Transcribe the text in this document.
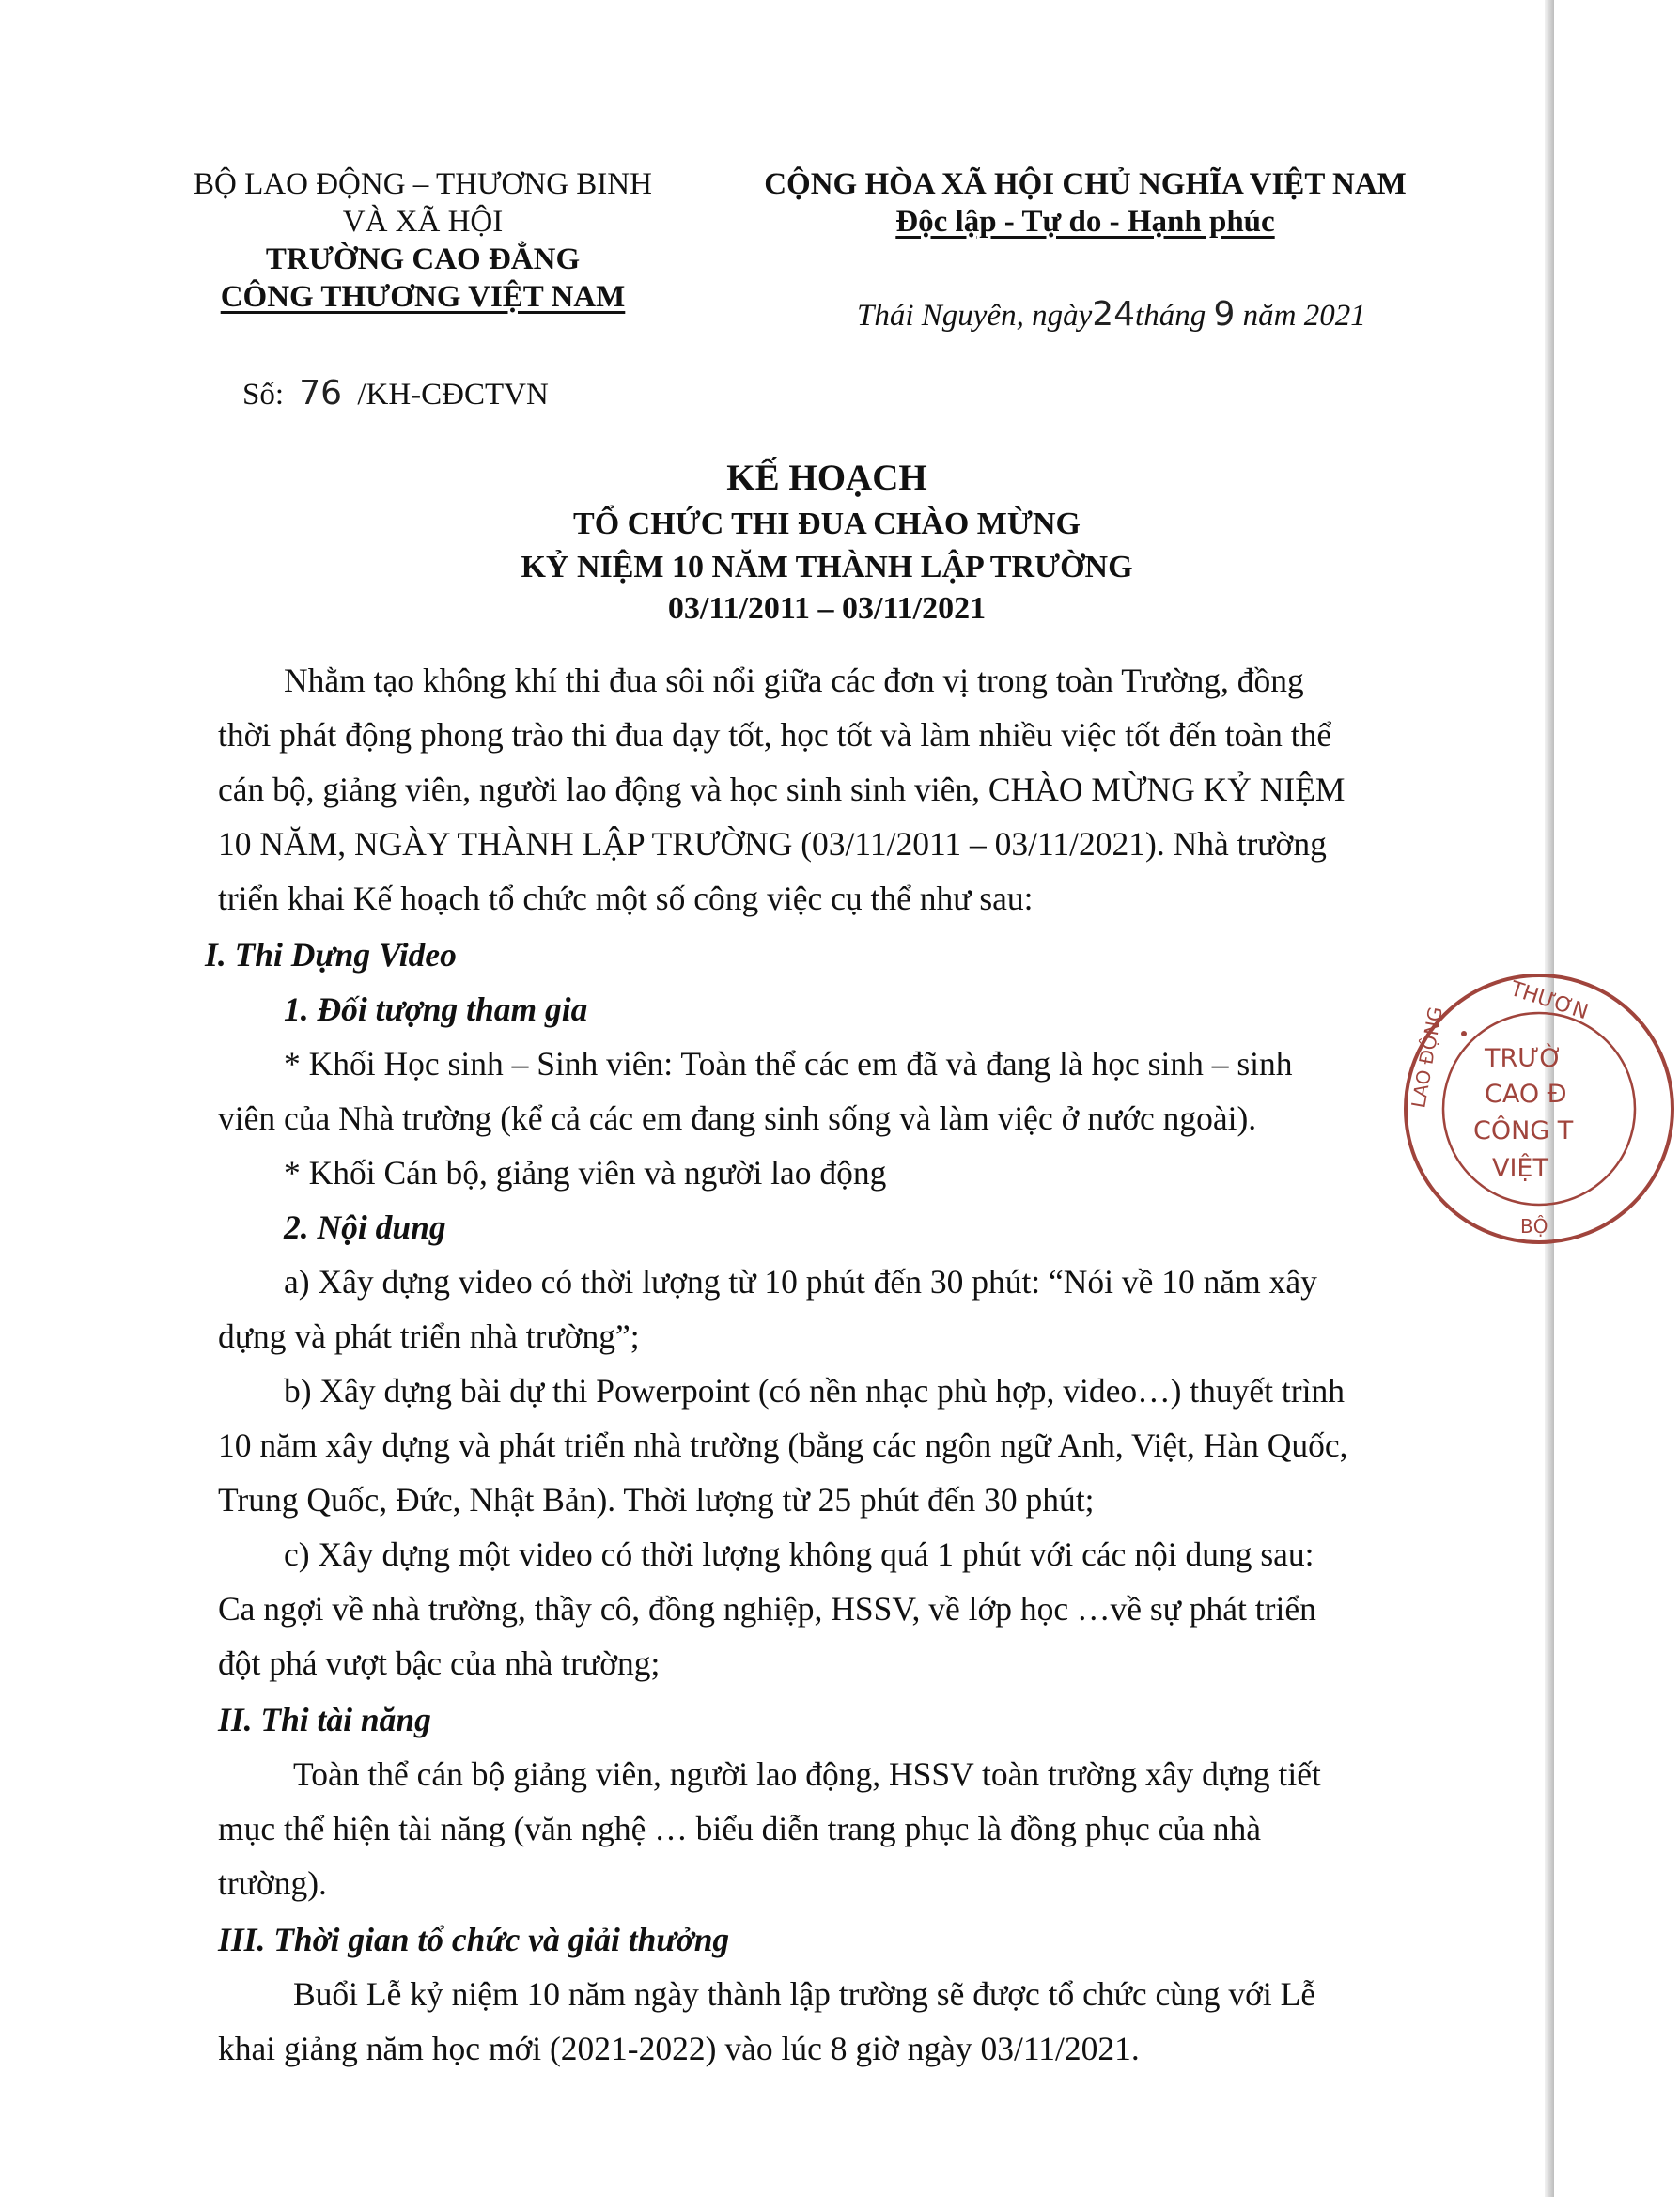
BỘ LAO ĐỘNG – THƯƠNG BINH
VÀ XÃ HỘI
TRƯỜNG CAO ĐẲNG
CÔNG THƯƠNG VIỆT NAM
CỘNG HÒA XÃ HỘI CHỦ NGHĨA VIỆT NAM
Độc lập - Tự do - Hạnh phúc
Thái Nguyên, ngày24tháng 9 năm 2021
Số: 76 /KH-CĐCTVN
KẾ HOẠCH
TỔ CHỨC THI ĐUA CHÀO MỪNG
KỶ NIỆM 10 NĂM THÀNH LẬP TRƯỜNG
03/11/2011 – 03/11/2021
Nhằm tạo không khí thi đua sôi nổi giữa các đơn vị trong toàn Trường, đồng
thời phát động phong trào thi đua dạy tốt, học tốt và làm nhiều việc tốt đến toàn thể
cán bộ, giảng viên, người lao động và học sinh sinh viên, CHÀO MỪNG KỶ NIỆM
10 NĂM, NGÀY THÀNH LẬP TRƯỜNG (03/11/2011 – 03/11/2021). Nhà trường
triển khai Kế hoạch tổ chức một số công việc cụ thể như sau:
I. Thi Dựng Video
1. Đối tượng tham gia
* Khối Học sinh – Sinh viên: Toàn thể các em đã và đang là học sinh – sinh
viên của Nhà trường (kể cả các em đang sinh sống và làm việc ở nước ngoài).
* Khối Cán bộ, giảng viên và người lao động
2. Nội dung
a) Xây dựng video có thời lượng từ 10 phút đến 30 phút: “Nói về 10 năm xây
dựng và phát triển nhà trường”;
b) Xây dựng bài dự thi Powerpoint (có nền nhạc phù hợp, video…) thuyết trình
10 năm xây dựng và phát triển nhà trường (bằng các ngôn ngữ Anh, Việt, Hàn Quốc,
Trung Quốc, Đức, Nhật Bản). Thời lượng từ 25 phút đến 30 phút;
c) Xây dựng một video có thời lượng không quá 1 phút với các nội dung sau:
Ca ngợi về nhà trường, thầy cô, đồng nghiệp, HSSV, về lớp học …về sự phát triển
đột phá vượt bậc của nhà trường;
II. Thi tài năng
Toàn thể cán bộ giảng viên, người lao động, HSSV toàn trường xây dựng tiết
mục thể hiện tài năng (văn nghệ … biểu diễn trang phục là đồng phục của nhà
trường).
III. Thời gian tổ chức và giải thưởng
Buổi Lễ kỷ niệm 10 năm ngày thành lập trường sẽ được tổ chức cùng với Lễ
khai giảng năm học mới (2021-2022) vào lúc 8 giờ ngày 03/11/2021.
THƯƠN
LAO ĐỘNG
BỘ
TRƯỜ
CAO Đ
CÔNG T
VIỆT
